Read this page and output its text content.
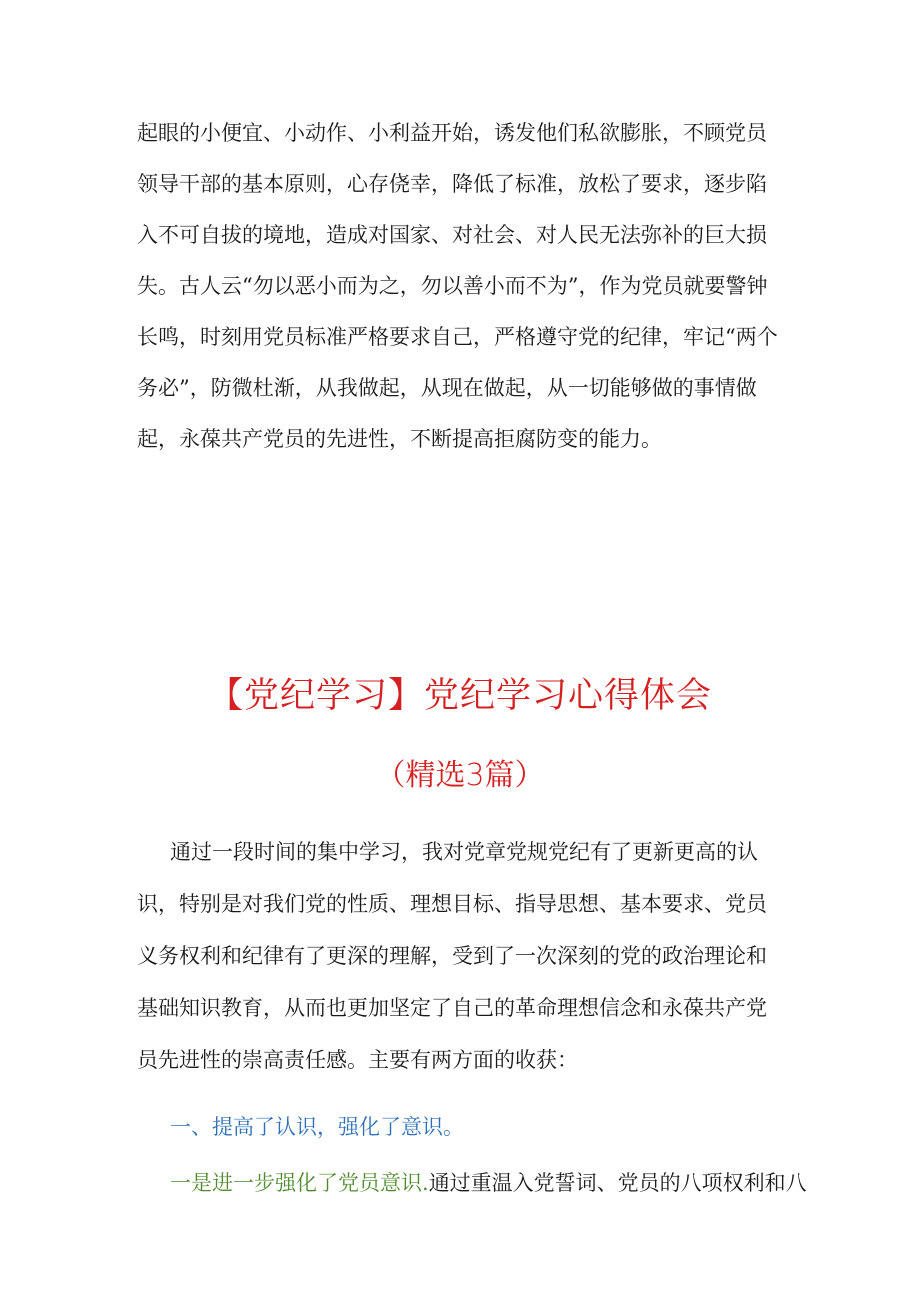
起眼的小便宜、小动作、小利益开始，诱发他们私欲膨胀，不顾党员领导干部的基本原则，心存侥幸，降低了标准，放松了要求，逐步陷入不可自拔的境地，造成对国家、对社会、对人民无法弥补的巨大损失。古人云“勿以恶小而为之，勿以善小而不为”，作为党员就要警钟长鸣，时刻用党员标准严格要求自己，严格遵守党的纪律，牢记“两个务必”，防微杜渐，从我做起，从现在做起，从一切能够做的事情做起，永葆共产党员的先进性，不断提高拒腐防变的能力。

【党纪学习】党纪学习心得体会
（精选3篇）

通过一段时间的集中学习，我对党章党规党纪有了更新更高的认识，特别是对我们党的性质、理想目标、指导思想、基本要求、党员义务权利和纪律有了更深的理解，受到了一次深刻的党的政治理论和基础知识教育，从而也更加坚定了自己的革命理想信念和永葆共产党员先进性的崇高责任感。主要有两方面的收获：

一、提高了认识，强化了意识。

一是进一步强化了党员意识.通过重温入党誓词、党员的八项权利和八
